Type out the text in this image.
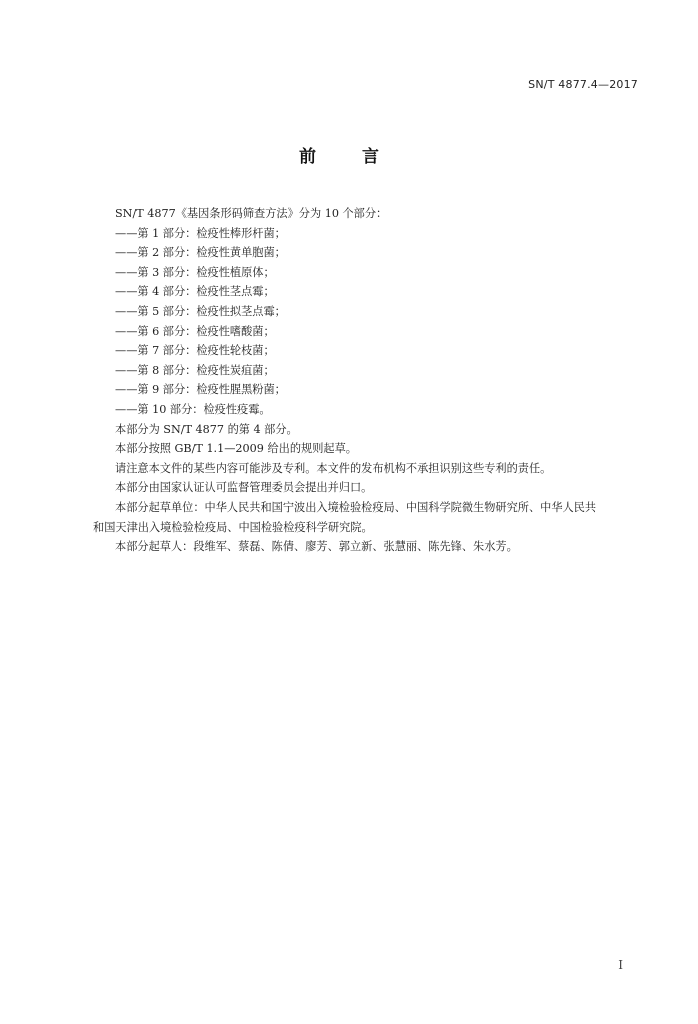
SN/T 4877.4—2017
前 言
SN/T 4877《基因条形码筛查方法》分为 10 个部分：
——第 1 部分：检疫性棒形杆菌；
——第 2 部分：检疫性黄单胞菌；
——第 3 部分：检疫性植原体；
——第 4 部分：检疫性茎点霉；
——第 5 部分：检疫性拟茎点霉；
——第 6 部分：检疫性嗜酸菌；
——第 7 部分：检疫性轮枝菌；
——第 8 部分：检疫性炭疽菌；
——第 9 部分：检疫性腥黑粉菌；
——第 10 部分：检疫性疫霉。
本部分为 SN/T 4877 的第 4 部分。
本部分按照 GB/T 1.1—2009 给出的规则起草。
请注意本文件的某些内容可能涉及专利。本文件的发布机构不承担识别这些专利的责任。
本部分由国家认证认可监督管理委员会提出并归口。
本部分起草单位：中华人民共和国宁波出入境检验检疫局、中国科学院微生物研究所、中华人民共
和国天津出入境检验检疫局、中国检验检疫科学研究院。
本部分起草人：段维军、蔡磊、陈倩、廖芳、郭立新、张慧丽、陈先锋、朱水芳。
I
